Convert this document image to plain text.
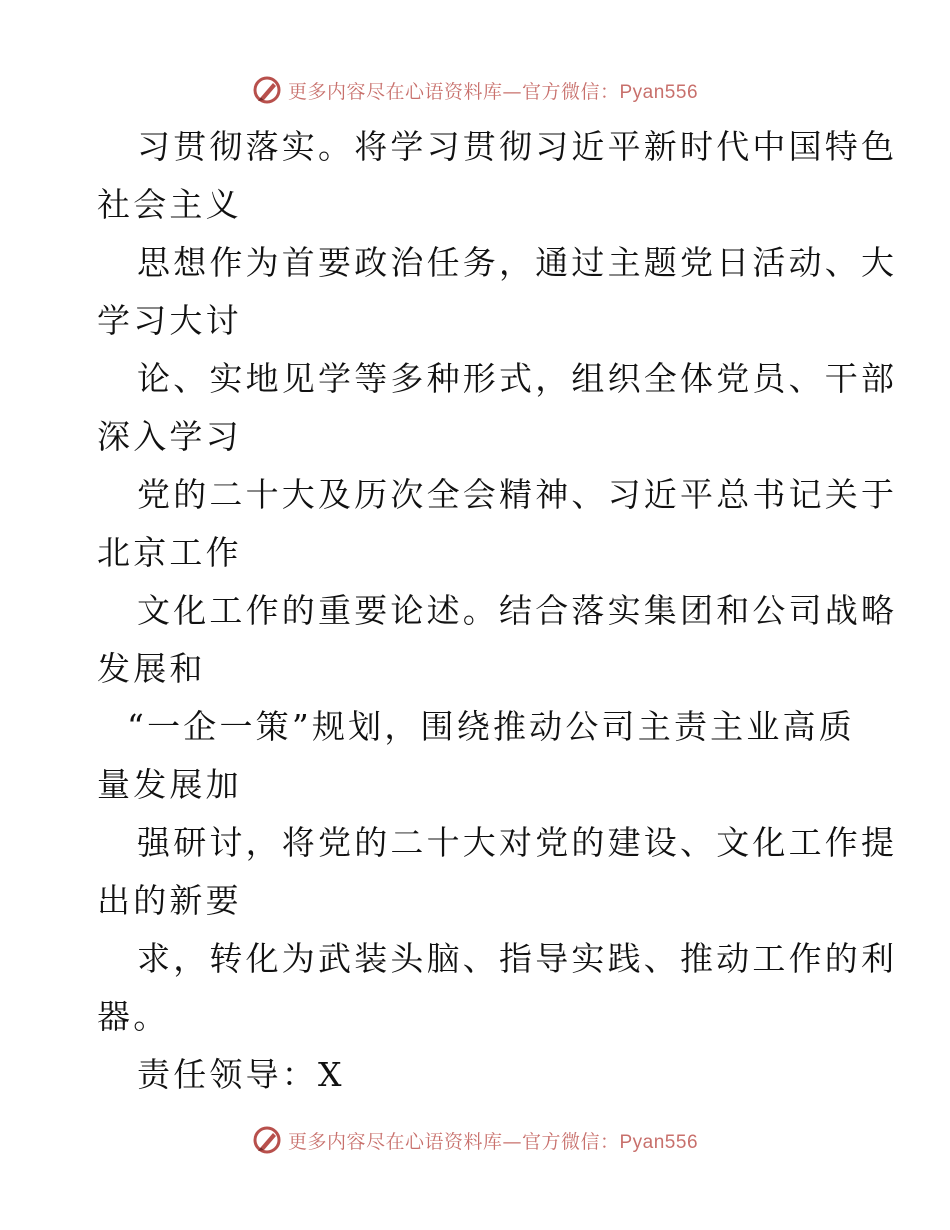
更多内容尽在心语资料库—官方微信：Pyan556
习贯彻落实。将学习贯彻习近平新时代中国特色
社会主义
思想作为首要政治任务，通过主题党日活动、大
学习大讨
论、实地见学等多种形式，组织全体党员、干部
深入学习
党的二十大及历次全会精神、习近平总书记关于
北京工作
文化工作的重要论述。结合落实集团和公司战略
发展和
“一企一策”规划，围绕推动公司主责主业高质
量发展加
强研讨，将党的二十大对党的建设、文化工作提
出的新要
求，转化为武装头脑、指导实践、推动工作的利
器。
责任领导：X
更多内容尽在心语资料库—官方微信：Pyan556
